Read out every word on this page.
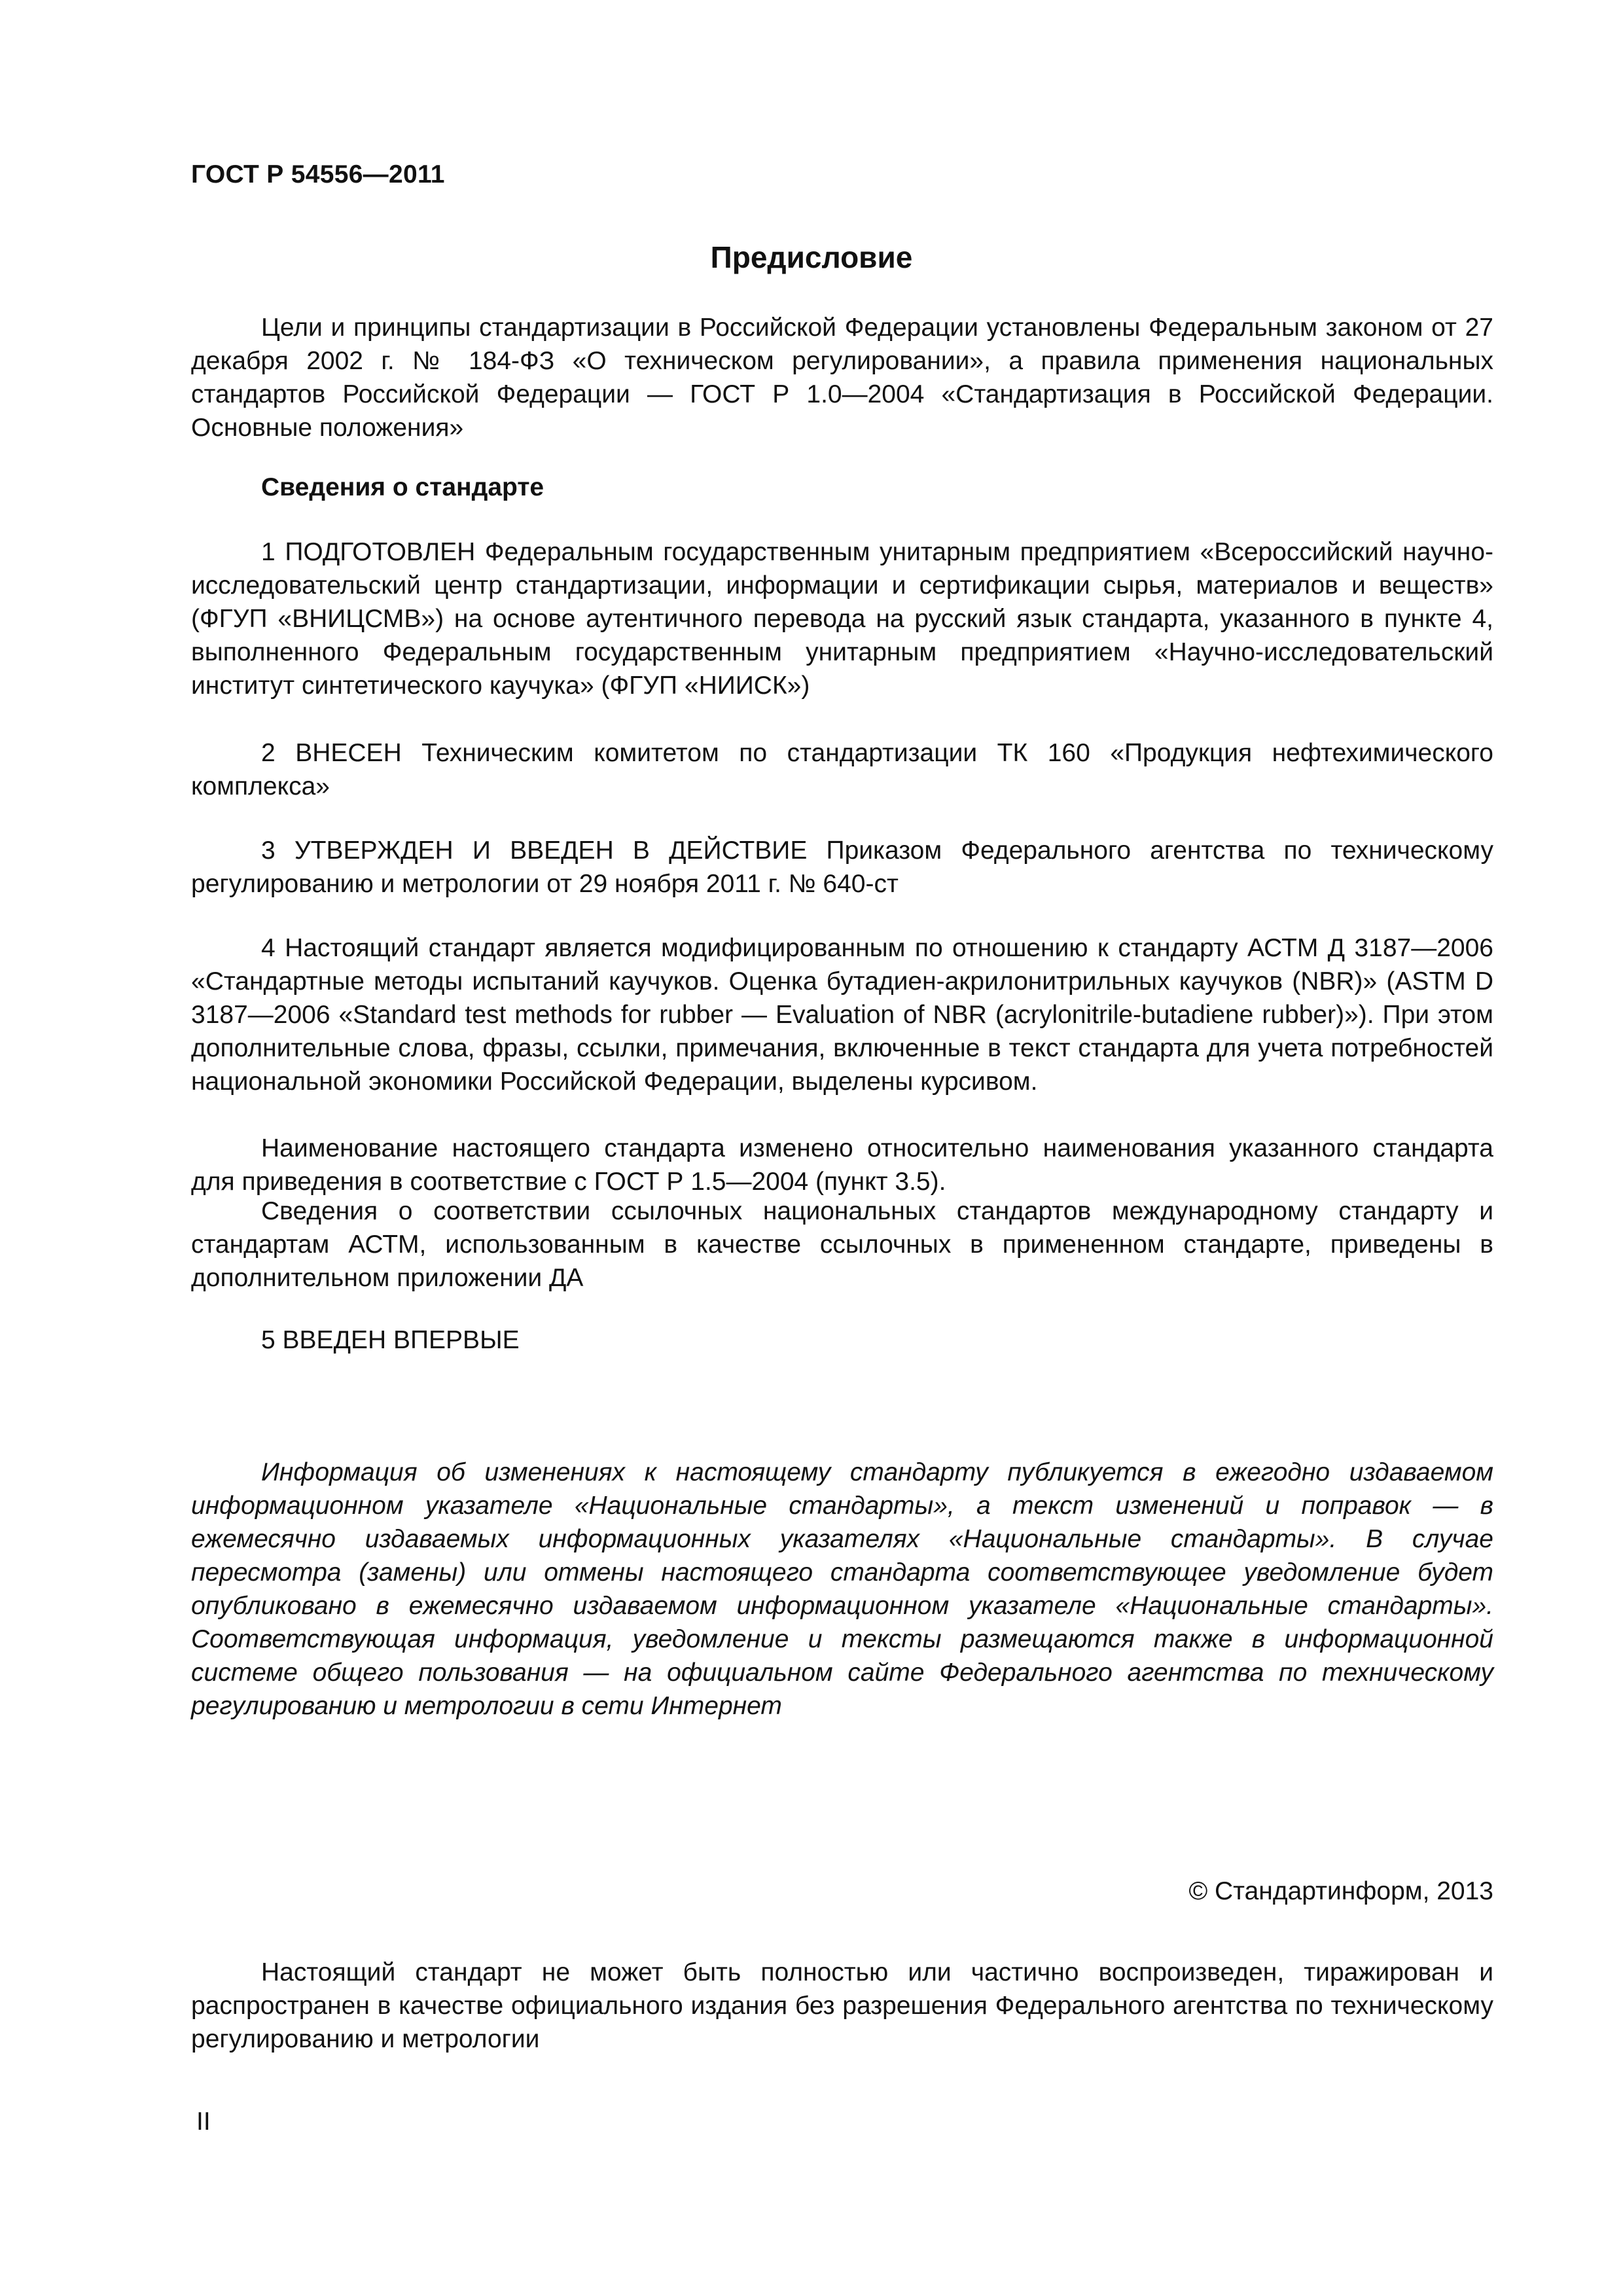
ГОСТ Р 54556—2011
Предисловие

Цели и принципы стандартизации в Российской Федерации установлены Федеральным законом от 27 декабря 2002 г. № 184-ФЗ «О техническом регулировании», а правила применения национальных стандартов Российской Федерации — ГОСТ Р 1.0—2004 «Стандартизация в Российской Федерации. Основные положения»

Сведения о стандарте

1 ПОДГОТОВЛЕН Федеральным государственным унитарным предприятием «Всероссийский научно-исследовательский центр стандартизации, информации и сертификации сырья, материалов и веществ» (ФГУП «ВНИЦСМВ») на основе аутентичного перевода на русский язык стандарта, указанного в пункте 4, выполненного Федеральным государственным унитарным предприятием «Научно-исследовательский институт синтетического каучука» (ФГУП «НИИСК»)

2 ВНЕСЕН Техническим комитетом по стандартизации ТК 160 «Продукция нефтехимического комплекса»

3 УТВЕРЖДЕН И ВВЕДЕН В ДЕЙСТВИЕ Приказом Федерального агентства по техническому регулированию и метрологии от 29 ноября 2011 г. № 640-ст

4 Настоящий стандарт является модифицированным по отношению к стандарту АСТМ Д 3187—2006 «Стандартные методы испытаний каучуков. Оценка бутадиен-акрилонитрильных каучуков (NBR)» (ASTM D 3187—2006 «Standard test methods for rubber — Evaluation of NBR (acrylonitrile-butadiene rubber)»). При этом дополнительные слова, фразы, ссылки, примечания, включенные в текст стандарта для учета потребностей национальной экономики Российской Федерации, выделены курсивом.

Наименование настоящего стандарта изменено относительно наименования указанного стандарта для приведения в соответствие с ГОСТ Р 1.5—2004 (пункт 3.5).

Сведения о соответствии ссылочных национальных стандартов международному стандарту и стандартам АСТМ, использованным в качестве ссылочных в примененном стандарте, приведены в дополнительном приложении ДА

5 ВВЕДЕН ВПЕРВЫЕ

Информация об изменениях к настоящему стандарту публикуется в ежегодно издаваемом информационном указателе «Национальные стандарты», а текст изменений и поправок — в ежемесячно издаваемых информационных указателях «Национальные стандарты». В случае пересмотра (замены) или отмены настоящего стандарта соответствующее уведомление будет опубликовано в ежемесячно издаваемом информационном указателе «Национальные стандарты». Соответствующая информация, уведомление и тексты размещаются также в информационной системе общего пользования — на официальном сайте Федерального агентства по техническому регулированию и метрологии в сети Интернет

© Стандартинформ, 2013

Настоящий стандарт не может быть полностью или частично воспроизведен, тиражирован и распространен в качестве официального издания без разрешения Федерального агентства по техническому регулированию и метрологии

II
